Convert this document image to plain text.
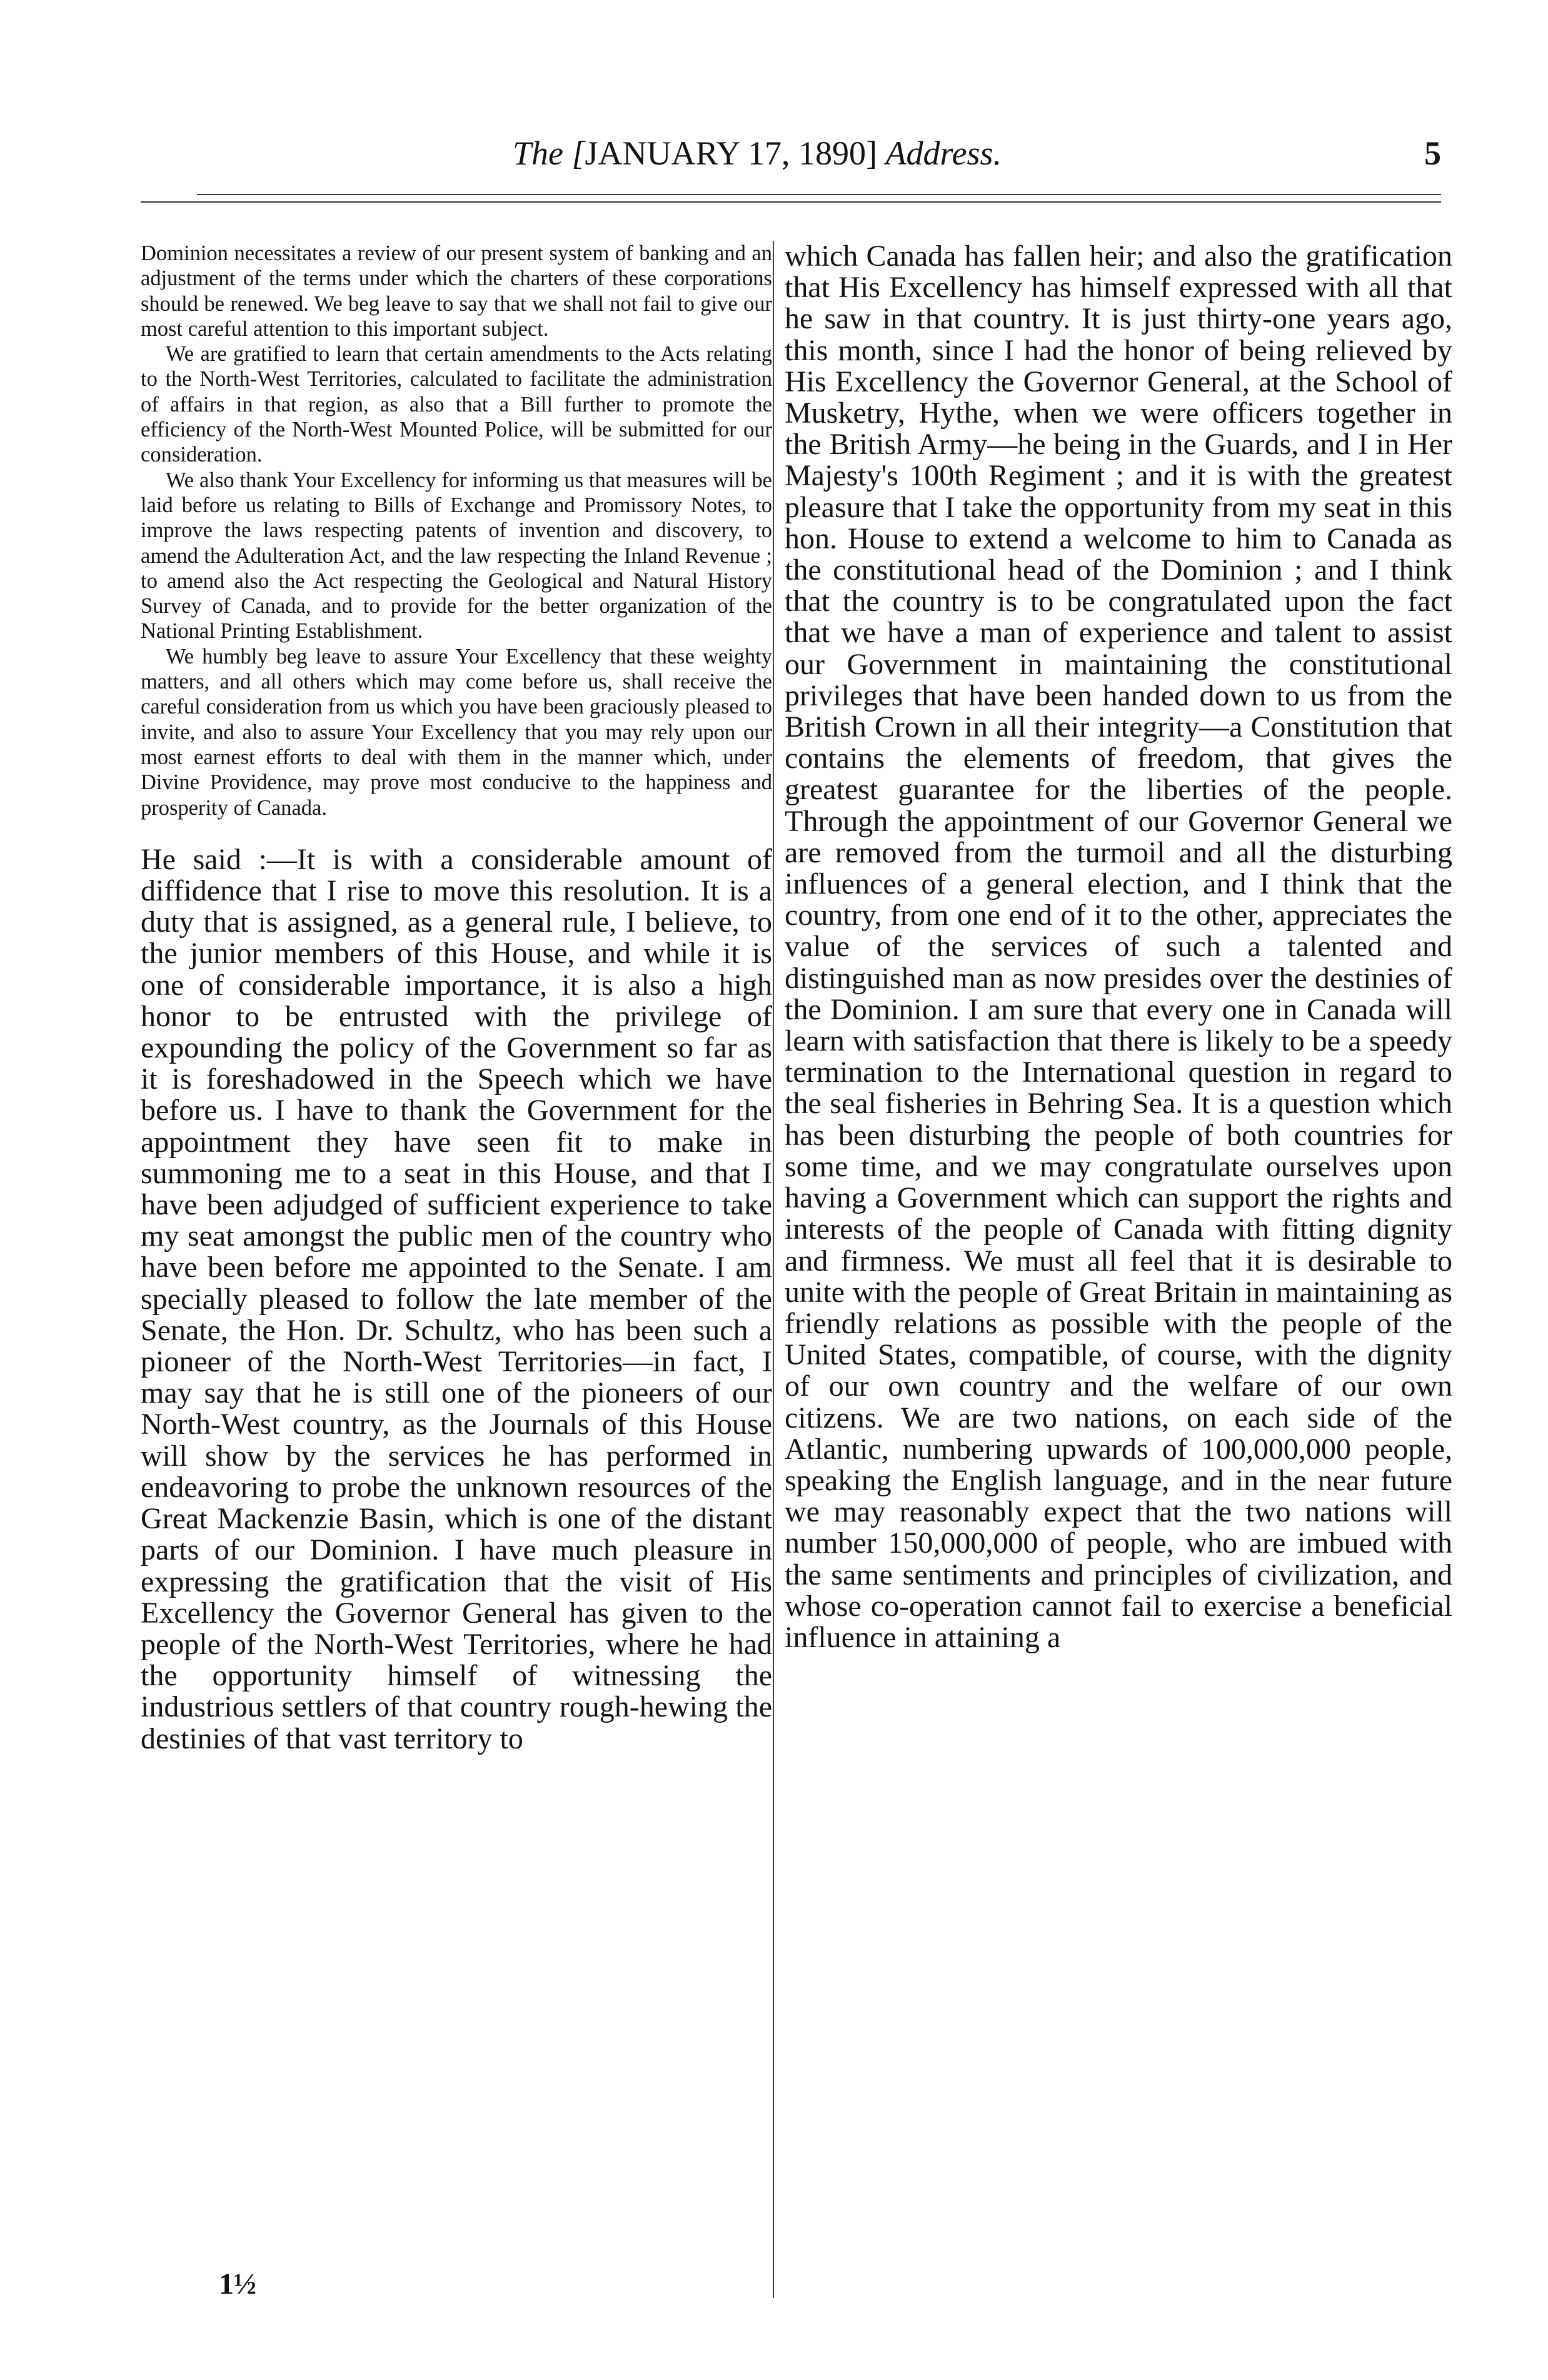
The [JANUARY 17, 1890] Address.	5

Dominion necessitates a review of our present system of banking and an adjustment of the terms under which the charters of these corporations should be renewed. We beg leave to say that we shall not fail to give our most careful attention to this important subject.

We are gratified to learn that certain amendments to the Acts relating to the North-West Territories, calculated to facilitate the administration of affairs in that region, as also that a Bill further to promote the efficiency of the North-West Mounted Police, will be submitted for our consideration.

We also thank Your Excellency for informing us that measures will be laid before us relating to Bills of Exchange and Promissory Notes, to improve the laws respecting patents of invention and discovery, to amend the Adulteration Act, and the law respecting the Inland Revenue ; to amend also the Act respecting the Geological and Natural History Survey of Canada, and to provide for the better organization of the National Printing Establishment.

We humbly beg leave to assure Your Excellency that these weighty matters, and all others which may come before us, shall receive the careful consideration from us which you have been graciously pleased to invite, and also to assure Your Excellency that you may rely upon our most earnest efforts to deal with them in the manner which, under Divine Providence, may prove most conducive to the happiness and prosperity of Canada.

He said :—It is with a considerable amount of diffidence that I rise to move this resolution. It is a duty that is assigned, as a general rule, I believe, to the junior members of this House, and while it is one of considerable importance, it is also a high honor to be entrusted with the privilege of expounding the policy of the Government so far as it is foreshadowed in the Speech which we have before us. I have to thank the Government for the appointment they have seen fit to make in summoning me to a seat in this House, and that I have been adjudged of sufficient experience to take my seat amongst the public men of the country who have been before me appointed to the Senate. I am specially pleased to follow the late member of the Senate, the Hon. Dr. Schultz, who has been such a pioneer of the North-West Territories—in fact, I may say that he is still one of the pioneers of our North-West country, as the Journals of this House will show by the services he has performed in endeavoring to probe the unknown resources of the Great Mackenzie Basin, which is one of the distant parts of our Dominion. I have much pleasure in expressing the gratification that the visit of His Excellency the Governor General has given to the people of the North-West Territories, where he had the opportunity himself of witnessing the industrious settlers of that country rough-hewing the destinies of that vast territory to

which Canada has fallen heir; and also the gratification that His Excellency has himself expressed with all that he saw in that country. It is just thirty-one years ago, this month, since I had the honor of being relieved by His Excellency the Governor General, at the School of Musketry, Hythe, when we were officers together in the British Army—he being in the Guards, and I in Her Majesty's 100th Regiment ; and it is with the greatest pleasure that I take the opportunity from my seat in this hon. House to extend a welcome to him to Canada as the constitutional head of the Dominion ; and I think that the country is to be congratulated upon the fact that we have a man of experience and talent to assist our Government in maintaining the constitutional privileges that have been handed down to us from the British Crown in all their integrity—a Constitution that contains the elements of freedom, that gives the greatest guarantee for the liberties of the people. Through the appointment of our Governor General we are removed from the turmoil and all the disturbing influences of a general election, and I think that the country, from one end of it to the other, appreciates the value of the services of such a talented and distinguished man as now presides over the destinies of the Dominion. I am sure that every one in Canada will learn with satisfaction that there is likely to be a speedy termination to the International question in regard to the seal fisheries in Behring Sea. It is a question which has been disturbing the people of both countries for some time, and we may congratulate ourselves upon having a Government which can support the rights and interests of the people of Canada with fitting dignity and firmness. We must all feel that it is desirable to unite with the people of Great Britain in maintaining as friendly relations as possible with the people of the United States, compatible, of course, with the dignity of our own country and the welfare of our own citizens. We are two nations, on each side of the Atlantic, numbering upwards of 100,000,000 people, speaking the English language, and in the near future we may reasonably expect that the two nations will number 150,000,000 of people, who are imbued with the same sentiments and principles of civilization, and whose co-operation cannot fail to exercise a beneficial influence in attaining a

1½
